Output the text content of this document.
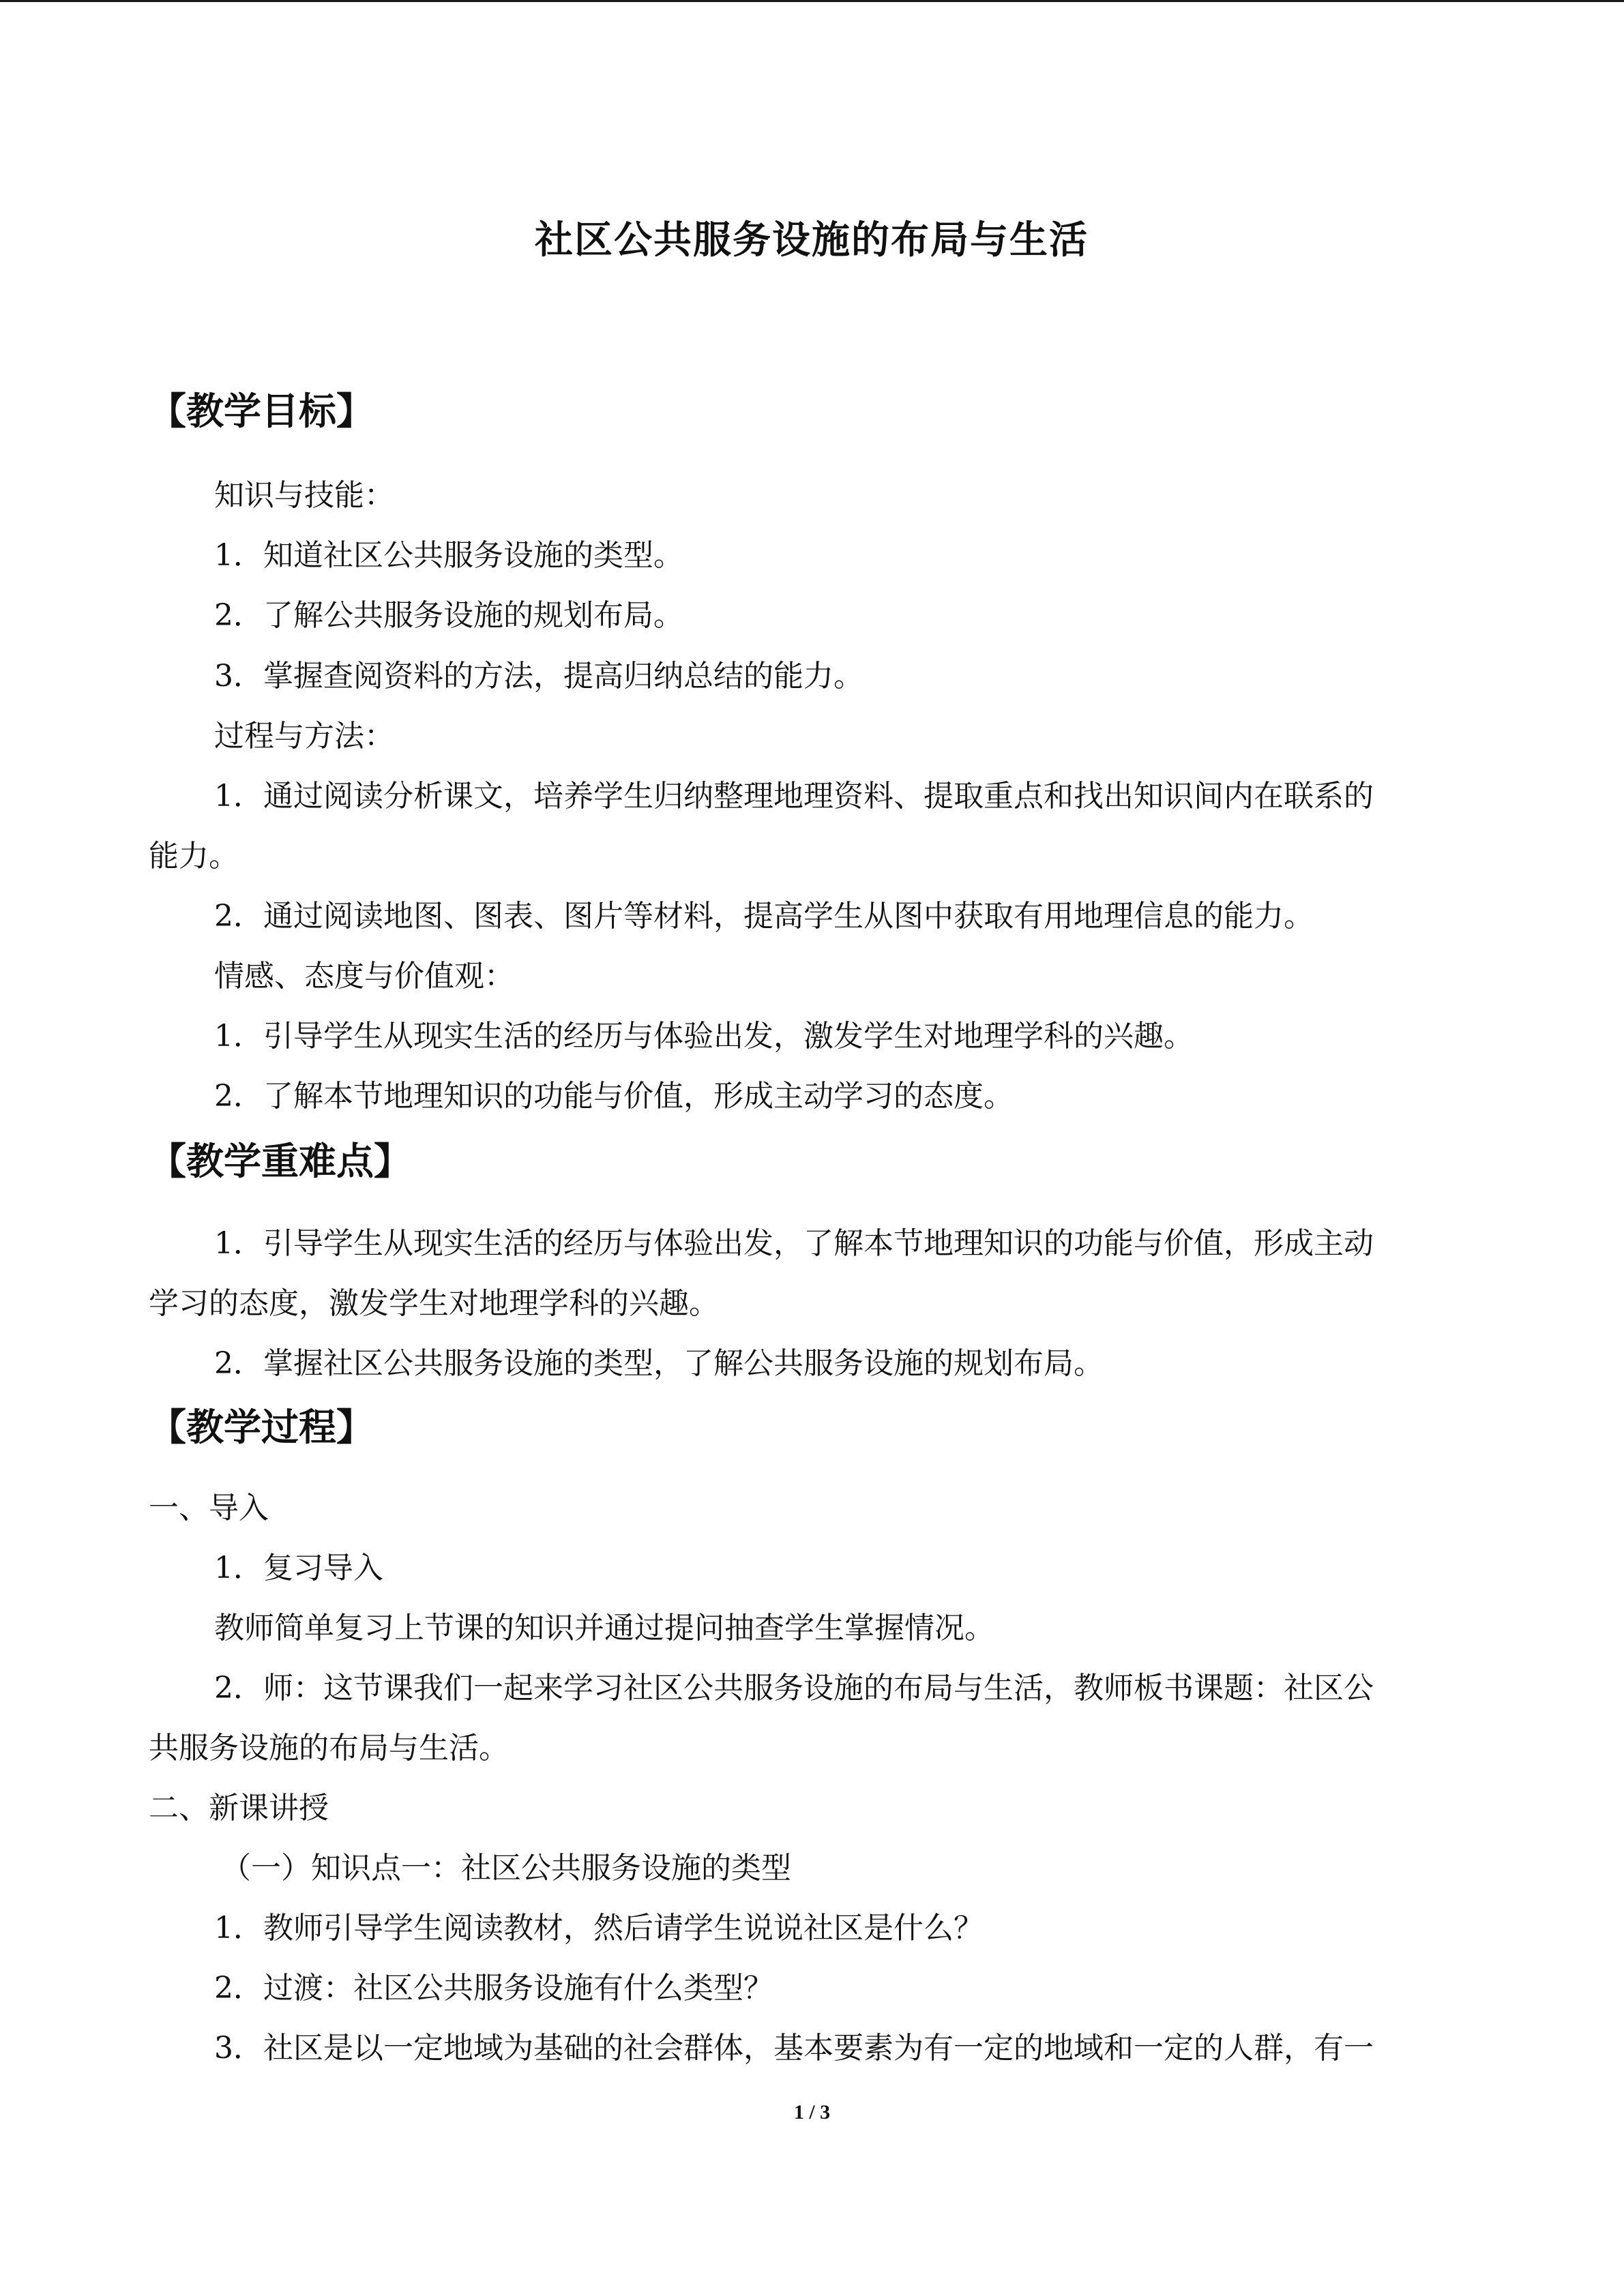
社区公共服务设施的布局与生活
【教学目标】
知识与技能：
1．知道社区公共服务设施的类型。
2．了解公共服务设施的规划布局。
3．掌握查阅资料的方法，提高归纳总结的能力。
过程与方法：
1．通过阅读分析课文，培养学生归纳整理地理资料、提取重点和找出知识间内在联系的
能力。
2．通过阅读地图、图表、图片等材料，提高学生从图中获取有用地理信息的能力。
情感、态度与价值观：
1．引导学生从现实生活的经历与体验出发，激发学生对地理学科的兴趣。
2．了解本节地理知识的功能与价值，形成主动学习的态度。
【教学重难点】
1．引导学生从现实生活的经历与体验出发，了解本节地理知识的功能与价值，形成主动
学习的态度，激发学生对地理学科的兴趣。
2．掌握社区公共服务设施的类型，了解公共服务设施的规划布局。
【教学过程】
一、导入
1．复习导入
教师简单复习上节课的知识并通过提问抽查学生掌握情况。
2．师：这节课我们一起来学习社区公共服务设施的布局与生活，教师板书课题：社区公
共服务设施的布局与生活。
二、新课讲授
（一）知识点一：社区公共服务设施的类型
1．教师引导学生阅读教材，然后请学生说说社区是什么？
2．过渡：社区公共服务设施有什么类型？
3．社区是以一定地域为基础的社会群体，基本要素为有一定的地域和一定的人群，有一
1 / 3
